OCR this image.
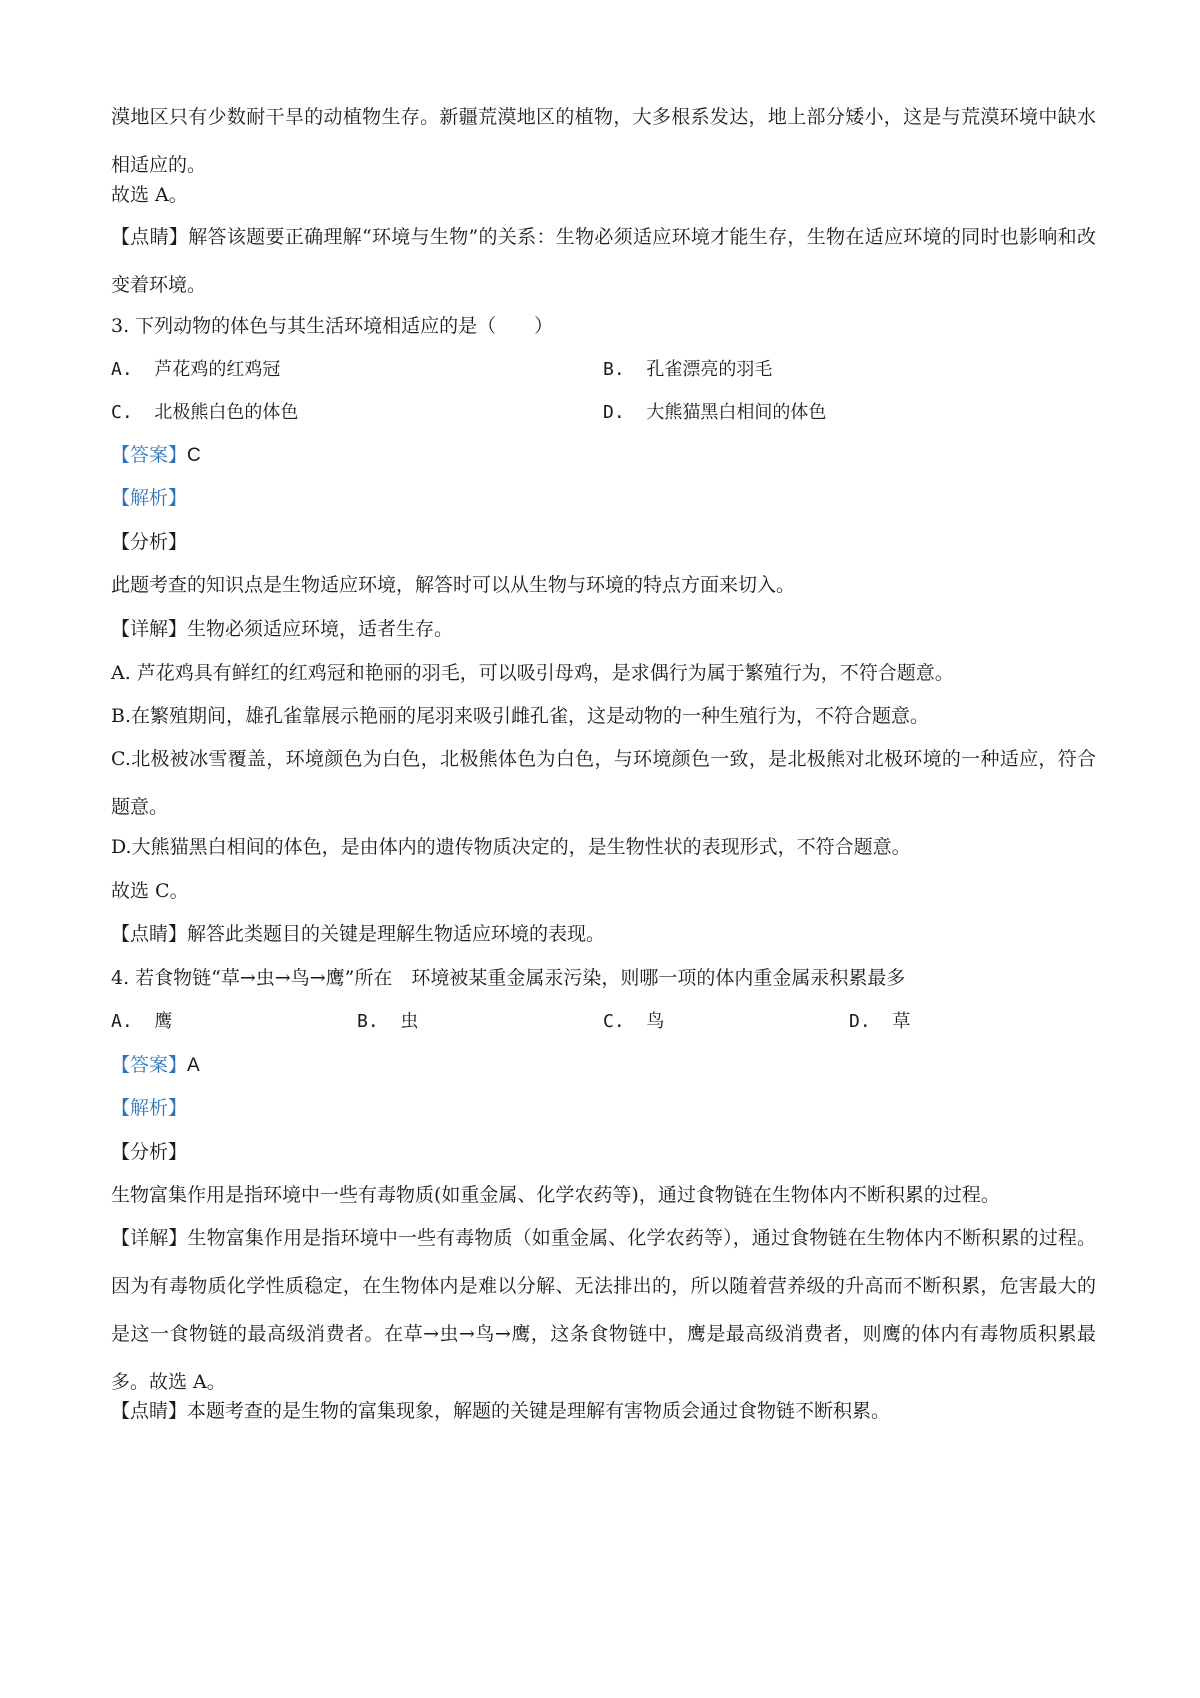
漠地区只有少数耐干旱的动植物生存。新疆荒漠地区的植物，大多根系发达，地上部分矮小，这是与荒漠环境中缺水相适应的。
故选 A。
【点睛】解答该题要正确理解“环境与生物”的关系：生物必须适应环境才能生存，生物在适应环境的同时也影响和改变着环境。
3. 下列动物的体色与其生活环境相适应的是（　　）
A. 芦花鸡的红鸡冠	B. 孔雀漂亮的羽毛
C. 北极熊白色的体色	D. 大熊猫黑白相间的体色
【答案】C
【解析】
【分析】
此题考查的知识点是生物适应环境，解答时可以从生物与环境的特点方面来切入。
【详解】生物必须适应环境，适者生存。
A. 芦花鸡具有鲜红的红鸡冠和艳丽的羽毛，可以吸引母鸡，是求偶行为属于繁殖行为，不符合题意。
B.在繁殖期间，雄孔雀靠展示艳丽的尾羽来吸引雌孔雀，这是动物的一种生殖行为，不符合题意。
C.北极被冰雪覆盖，环境颜色为白色，北极熊体色为白色，与环境颜色一致，是北极熊对北极环境的一种适应，符合题意。
D.大熊猫黑白相间的体色，是由体内的遗传物质决定的，是生物性状的表现形式，不符合题意。
故选 C。
【点睛】解答此类题目的关键是理解生物适应环境的表现。
4. 若食物链“草→虫→鸟→鹰”所在　环境被某重金属汞污染，则哪一项的体内重金属汞积累最多
A. 鹰	B. 虫	C. 鸟	D. 草
【答案】A
【解析】
【分析】
生物富集作用是指环境中一些有毒物质(如重金属、化学农药等)，通过食物链在生物体内不断积累的过程。
【详解】生物富集作用是指环境中一些有毒物质（如重金属、化学农药等），通过食物链在生物体内不断积累的过程。因为有毒物质化学性质稳定，在生物体内是难以分解、无法排出的，所以随着营养级的升高而不断积累，危害最大的是这一食物链的最高级消费者。在草→虫→鸟→鹰，这条食物链中，鹰是最高级消费者，则鹰的体内有毒物质积累最多。故选 A。
【点睛】本题考查的是生物的富集现象，解题的关键是理解有害物质会通过食物链不断积累。
